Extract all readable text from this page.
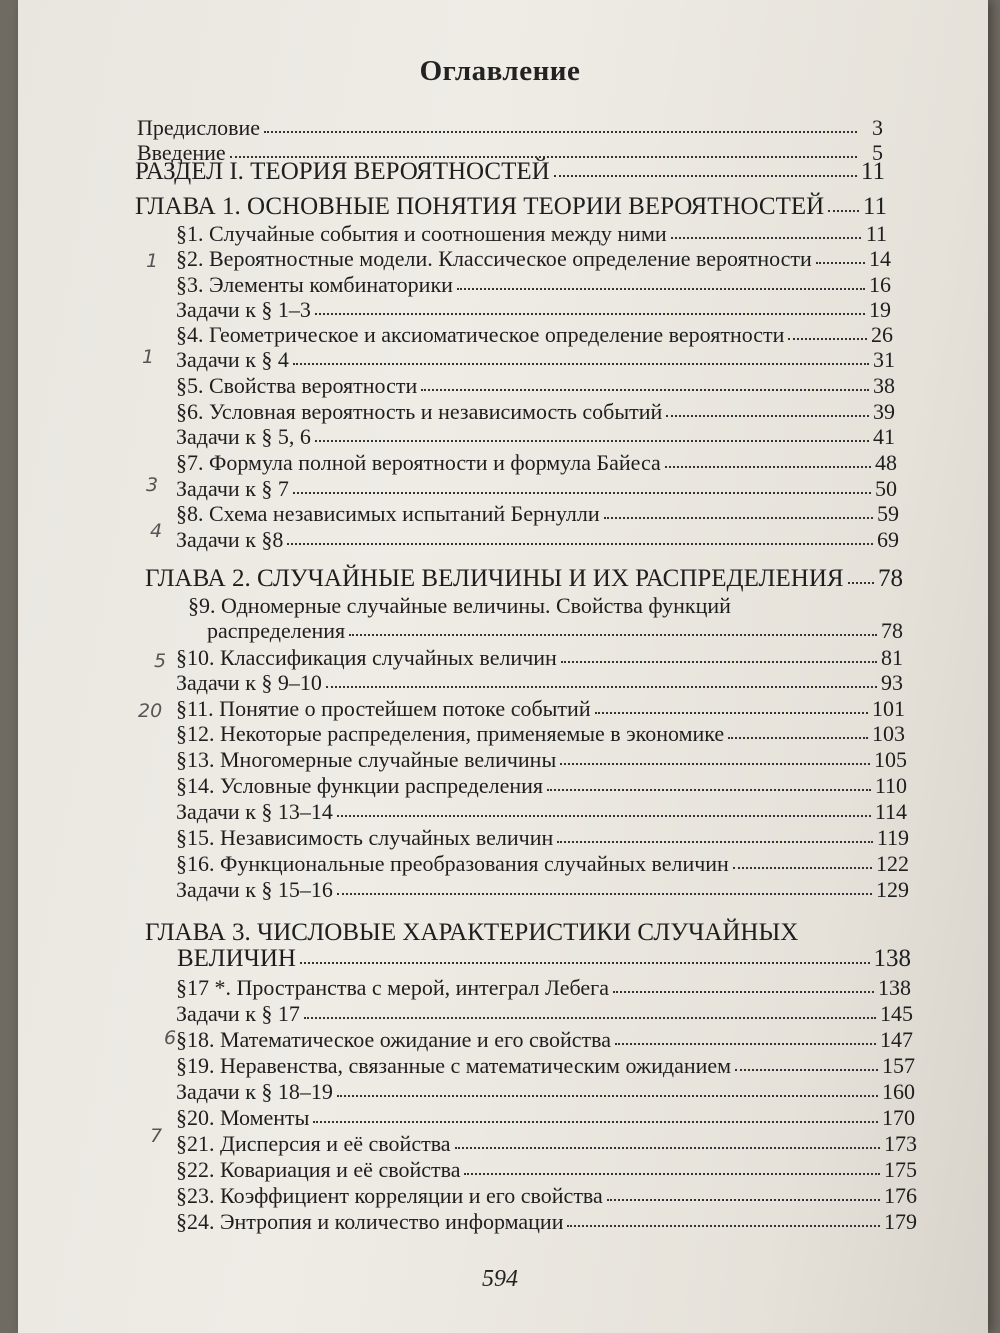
Оглавление
Предисловие	3
Введение	5
РАЗДЕЛ I. ТЕОРИЯ ВЕРОЯТНОСТЕЙ	11
ГЛАВА 1. ОСНОВНЫЕ ПОНЯТИЯ ТЕОРИИ ВЕРОЯТНОСТЕЙ 11
§1. Случайные события и соотношения между ними	11
§2. Вероятностные модели. Классическое определение вероятности	14
§3. Элементы комбинаторики	16
Задачи к § 1–3	19
§4. Геометрическое и аксиоматическое определение вероятности	26
Задачи к § 4	31
§5. Свойства вероятности	38
§6. Условная вероятность и независимость событий	39
Задачи к § 5, 6	41
§7. Формула полной вероятности и формула Байеса	48
Задачи к § 7	50
§8. Схема независимых испытаний Бернулли	59
Задачи к §8	69
ГЛАВА 2. СЛУЧАЙНЫЕ ВЕЛИЧИНЫ И ИХ РАСПРЕДЕЛЕНИЯ 78
§9. Одномерные случайные величины. Свойства функций
распределения	78
§10. Классификация случайных величин	81
Задачи к § 9–10	93
§11. Понятие о простейшем потоке событий	101
§12. Некоторые распределения, применяемые в экономике	103
§13. Многомерные случайные величины	105
§14. Условные функции распределения	110
Задачи к § 13–14	114
§15. Независимость случайных величин	119
§16. Функциональные преобразования случайных величин	122
Задачи к § 15–16	129
ГЛАВА 3. ЧИСЛОВЫЕ ХАРАКТЕРИСТИКИ СЛУЧАЙНЫХ
ВЕЛИЧИН	138
§17 *. Пространства с мерой, интеграл Лебега	138
Задачи к § 17	145
§18. Математическое ожидание и его свойства	147
§19. Неравенства, связанные с математическим ожиданием	157
Задачи к § 18–19	160
§20. Моменты	170
§21. Дисперсия и её свойства	173
§22. Ковариация и её свойства	175
§23. Коэффициент корреляции и его свойства	176
§24. Энтропия и количество информации	179
1
1
3
4
5
20
6
7
594
